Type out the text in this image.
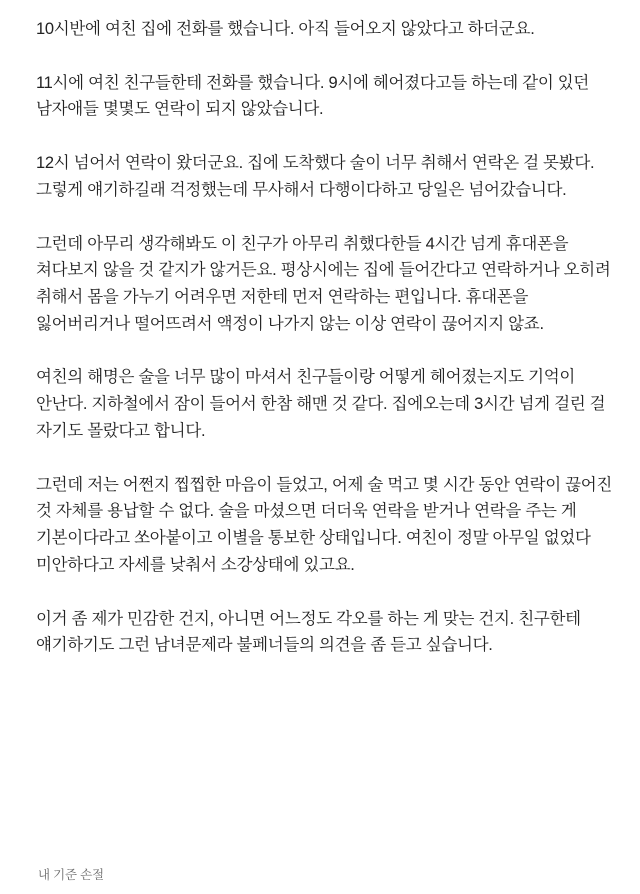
10시반에 여친 집에 전화를 했습니다. 아직 들어오지 않았다고 하더군요.

11시에 여친 친구들한테 전화를 했습니다. 9시에 헤어졌다고들 하는데 같이 있던 남자애들 몇몇도 연락이 되지 않았습니다.

12시 넘어서 연락이 왔더군요. 집에 도착했다 술이 너무 취해서 연락온 걸 못봤다. 그렇게 얘기하길래 걱정했는데 무사해서 다행이다하고 당일은 넘어갔습니다.

그런데 아무리 생각해봐도 이 친구가 아무리 취했다한들 4시간 넘게 휴대폰을 쳐다보지 않을 것 같지가 않거든요. 평상시에는 집에 들어간다고 연락하거나 오히려 취해서 몸을 가누기 어려우면 저한테 먼저 연락하는 편입니다. 휴대폰을 잃어버리거나 떨어뜨려서 액정이 나가지 않는 이상 연락이 끊어지지 않죠.

여친의 해명은 술을 너무 많이 마셔서 친구들이랑 어떻게 헤어졌는지도 기억이 안난다. 지하철에서 잠이 들어서 한참 해맨 것 같다. 집에오는데 3시간 넘게 걸린 걸 자기도 몰랐다고 합니다.

그런데 저는 어쩐지 찝찝한 마음이 들었고, 어제 술 먹고 몇 시간 동안 연락이 끊어진 것 자체를 용납할 수 없다. 술을 마셨으면 더더욱 연락을 받거나 연락을 주는 게 기본이다라고 쏘아붙이고 이별을 통보한 상태입니다. 여친이 정말 아무일 없었다 미안하다고 자세를 낮춰서 소강상태에 있고요.

이거 좀 제가 민감한 건지, 아니면 어느정도 각오를 하는 게 맞는 건지. 친구한테 얘기하기도 그런 남녀문제라 불페너들의 의견을 좀 듣고 싶습니다.

내 기준 손절
